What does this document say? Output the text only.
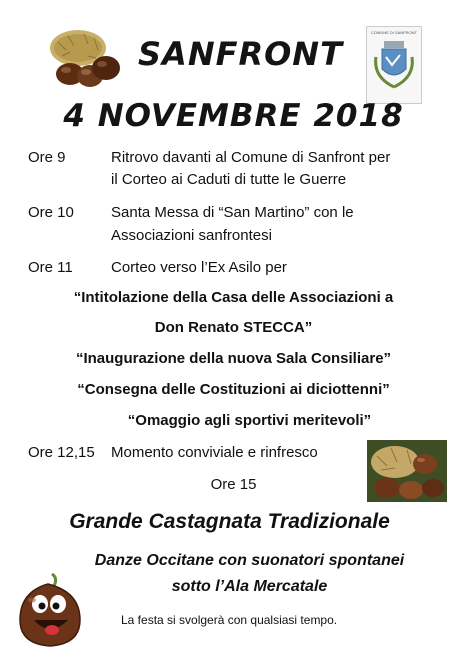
SANFRONT
COMUNE DI SANFRONT
4 NOVEMBRE 2018
Ore 9	Ritrovo davanti al Comune di Sanfront per
il Corteo ai Caduti di tutte le Guerre
Ore 10 Santa Messa di “San Martino” con le
Associazioni sanfrontesi
Ore 11	Corteo verso l’Ex Asilo per
“Intitolazione della Casa delle Associazioni a
Don Renato STECCA”
“Inaugurazione della nuova Sala Consiliare”
“Consegna delle Costituzioni ai diciottenni”
“Omaggio agli sportivi meritevoli”
Ore 12,15 Momento conviviale e rinfresco
Ore 15
Grande Castagnata Tradizionale
Danze Occitane con suonatori spontanei
sotto l’Ala Mercatale
La festa si svolgerà con qualsiasi tempo.
